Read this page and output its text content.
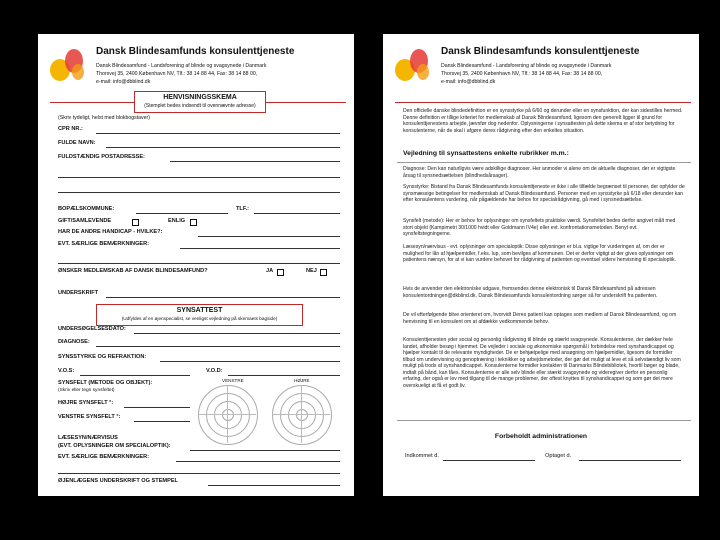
Dansk Blindesamfunds konsulenttjeneste
Dansk Blindesamfund - Landsforening af blinde og svagsynede i Danmark
Thorsvej 35, 2400 København NV, Tlf.: 38 14 88 44, Fax: 38 14 88 00,
e-mail: info@dbblind.dk
HENVISNINGSSKEMA
(Stemplet bedes indsendt til ovennævnte adresse)
(Skriv tydeligt, helst med blokbogstaver)
CPR NR.:
FULDE NAVN:
FULDSTÆNDIG POSTADRESSE:
BOPÆLSKOMMUNE:	TLF.:
GIFT/SAMLEVENDE	ENLIG
HAR DE ANDRE HANDICAP - HVILKE?:
EVT. SÆRLIGE BEMÆRKNINGER:
ØNSKER MEDLEMSKAB AF DANSK BLINDESAMFUND?	JA	NEJ
UNDERSKRIFT
SYNSATTEST
(Udfyldes af en øjenspecialist, se venligst vejledning på skemaets bagside)
UNDERSØGELSESDATO:
DIAGNOSE:
SYNSSTYRKE OG REFRAKTION:
V.O.S:	V.O.D:
SYNSFELT (METODE OG OBJEKT):
(Skriv eller tegn synsfeltet)
VENSTRE	HØJRE
HØJRE SYNSFELT °:
VENSTRE SYNSFELT °:
LÆSESYN/NÆRVISUS
(EVT. OPLYSNINGER OM SPECIALOPTIK):
EVT. SÆRLIGE BEMÆRKNINGER:
ØJENLÆGENS UNDERSKRIFT OG STEMPEL
Dansk Blindesamfunds konsulenttjeneste
Dansk Blindesamfund - Landsforening af blinde og svagsynede i Danmark
Thorsvej 35, 2400 København NV, Tlf.: 38 14 88 44, Fax: 38 14 88 00,
e-mail: info@dbblind.dk
Den officielle danske blindedefinition er en synsstyrke på 6/60 og derunder eller en synsfunktion, der kan sidestilles hermed. Denne definition er tillige kriteriet for medlemskab af Dansk Blindesamfund, ligesom den generelt ligger til grund for konsulenttjenestens arbejde, jævnfør dog nedenfor. Oplysningerne i synsattesten på dette skema er af stor betydning for konsulenterne, når de skal i afgøre deres rådgivning efter den enkeltes situation.
Vejledning til synsattestens enkelte rubrikker m.m.:
Diagnose: Den kan naturligvis være adskillige diagnoser. Her anmoder vi alene om de aktuelle diagnoser, der er vigtigste årsag til synsnedsættelsen (blindhedsårsager).
Synsstyrke: Bistand fra Dansk Blindesamfunds konsulenttjeneste er ikke i alle tilfælde begrænset til personer, der opfylder de synsmæssige betingelser for medlemskab af Dansk Blindesamfund. Personer med en synsstyrke på 6/18 eller derunder kan efter konsulentens vurdering, når pågældende har behov for specialrådgivning, gå med i synsnedsættelse.
Synsfelt (metode): Her er behov for oplysninger om synsfeltets praktiske værdi. Synsfeltet bedes derfor angivet målt med stort objekt (Kampimetri 30/1000 hvidt eller Goldmann IV4e) eller evt. konfrontationsmetoden. Benyt evt. synsfeltstegningerne.
Læsesyn/nærvisus - evt. oplysninger om specialoptik: Disse oplysninger er bl.a. vigtige for vurderingen af, om der er mulighed for lån af hjælpemidler, f.eks. lup, som bevilges af kommunen. Det er derfor vigtigt at der gives oplysninger om patientens nærsyn, for at vi kan vurdere behovet for rådgivning af patienten og eventuel videre henvisning til specialoptik.
Hvis de anvender den elektroniske udgave, fremsendes denne elektronisk til Dansk Blindesamfund på adressen konsulentordningen@dkblind.dk. Dansk Blindesamfunds konsulentordning sørger så for underskrift fra patienten.
De vil efterfølgende blive orienteret om, hvorvidt Deres patient kan optages som medlem af Dansk Blindesamfund, og om henvisning til en konsulent om at afdække vedkommende behov.
Konsulenttjenesten yder social og personlig rådgivning til blinde og stærkt svagsynede. Konsulenterne, der dækker hele landet, afholder besøg i hjemmet. De vejleder i sociale og økonomiske spørgsmål i forbindelse med synshandicappet og hjælper kontakt til de relevante myndigheder. De er behjælpelige med ansøgning om hjælpemidler, ligesom de formidler tilbud om undervisning og genoptræning i teknikker og arbejdsmetoder, der gør det muligt at leve et så selvstændigt liv som muligt på trods af synshandicappet. Konsulenterne formidler kontakten til Danmarks Blindebibliotek, hvortil bøger og blade, indtalt på bånd, kan fåes. Konsulenterne er alle selv blinde eller stærkt svagsynede og videregiver derfor en personlig erfaring, der også er lev med tilgang til de mange problemer, der oftest knyttes til synshandicappet og som gør det mere overskueligt at få et godt liv.
Forbeholdt administrationen
Indkommet d.	Optaget d.
